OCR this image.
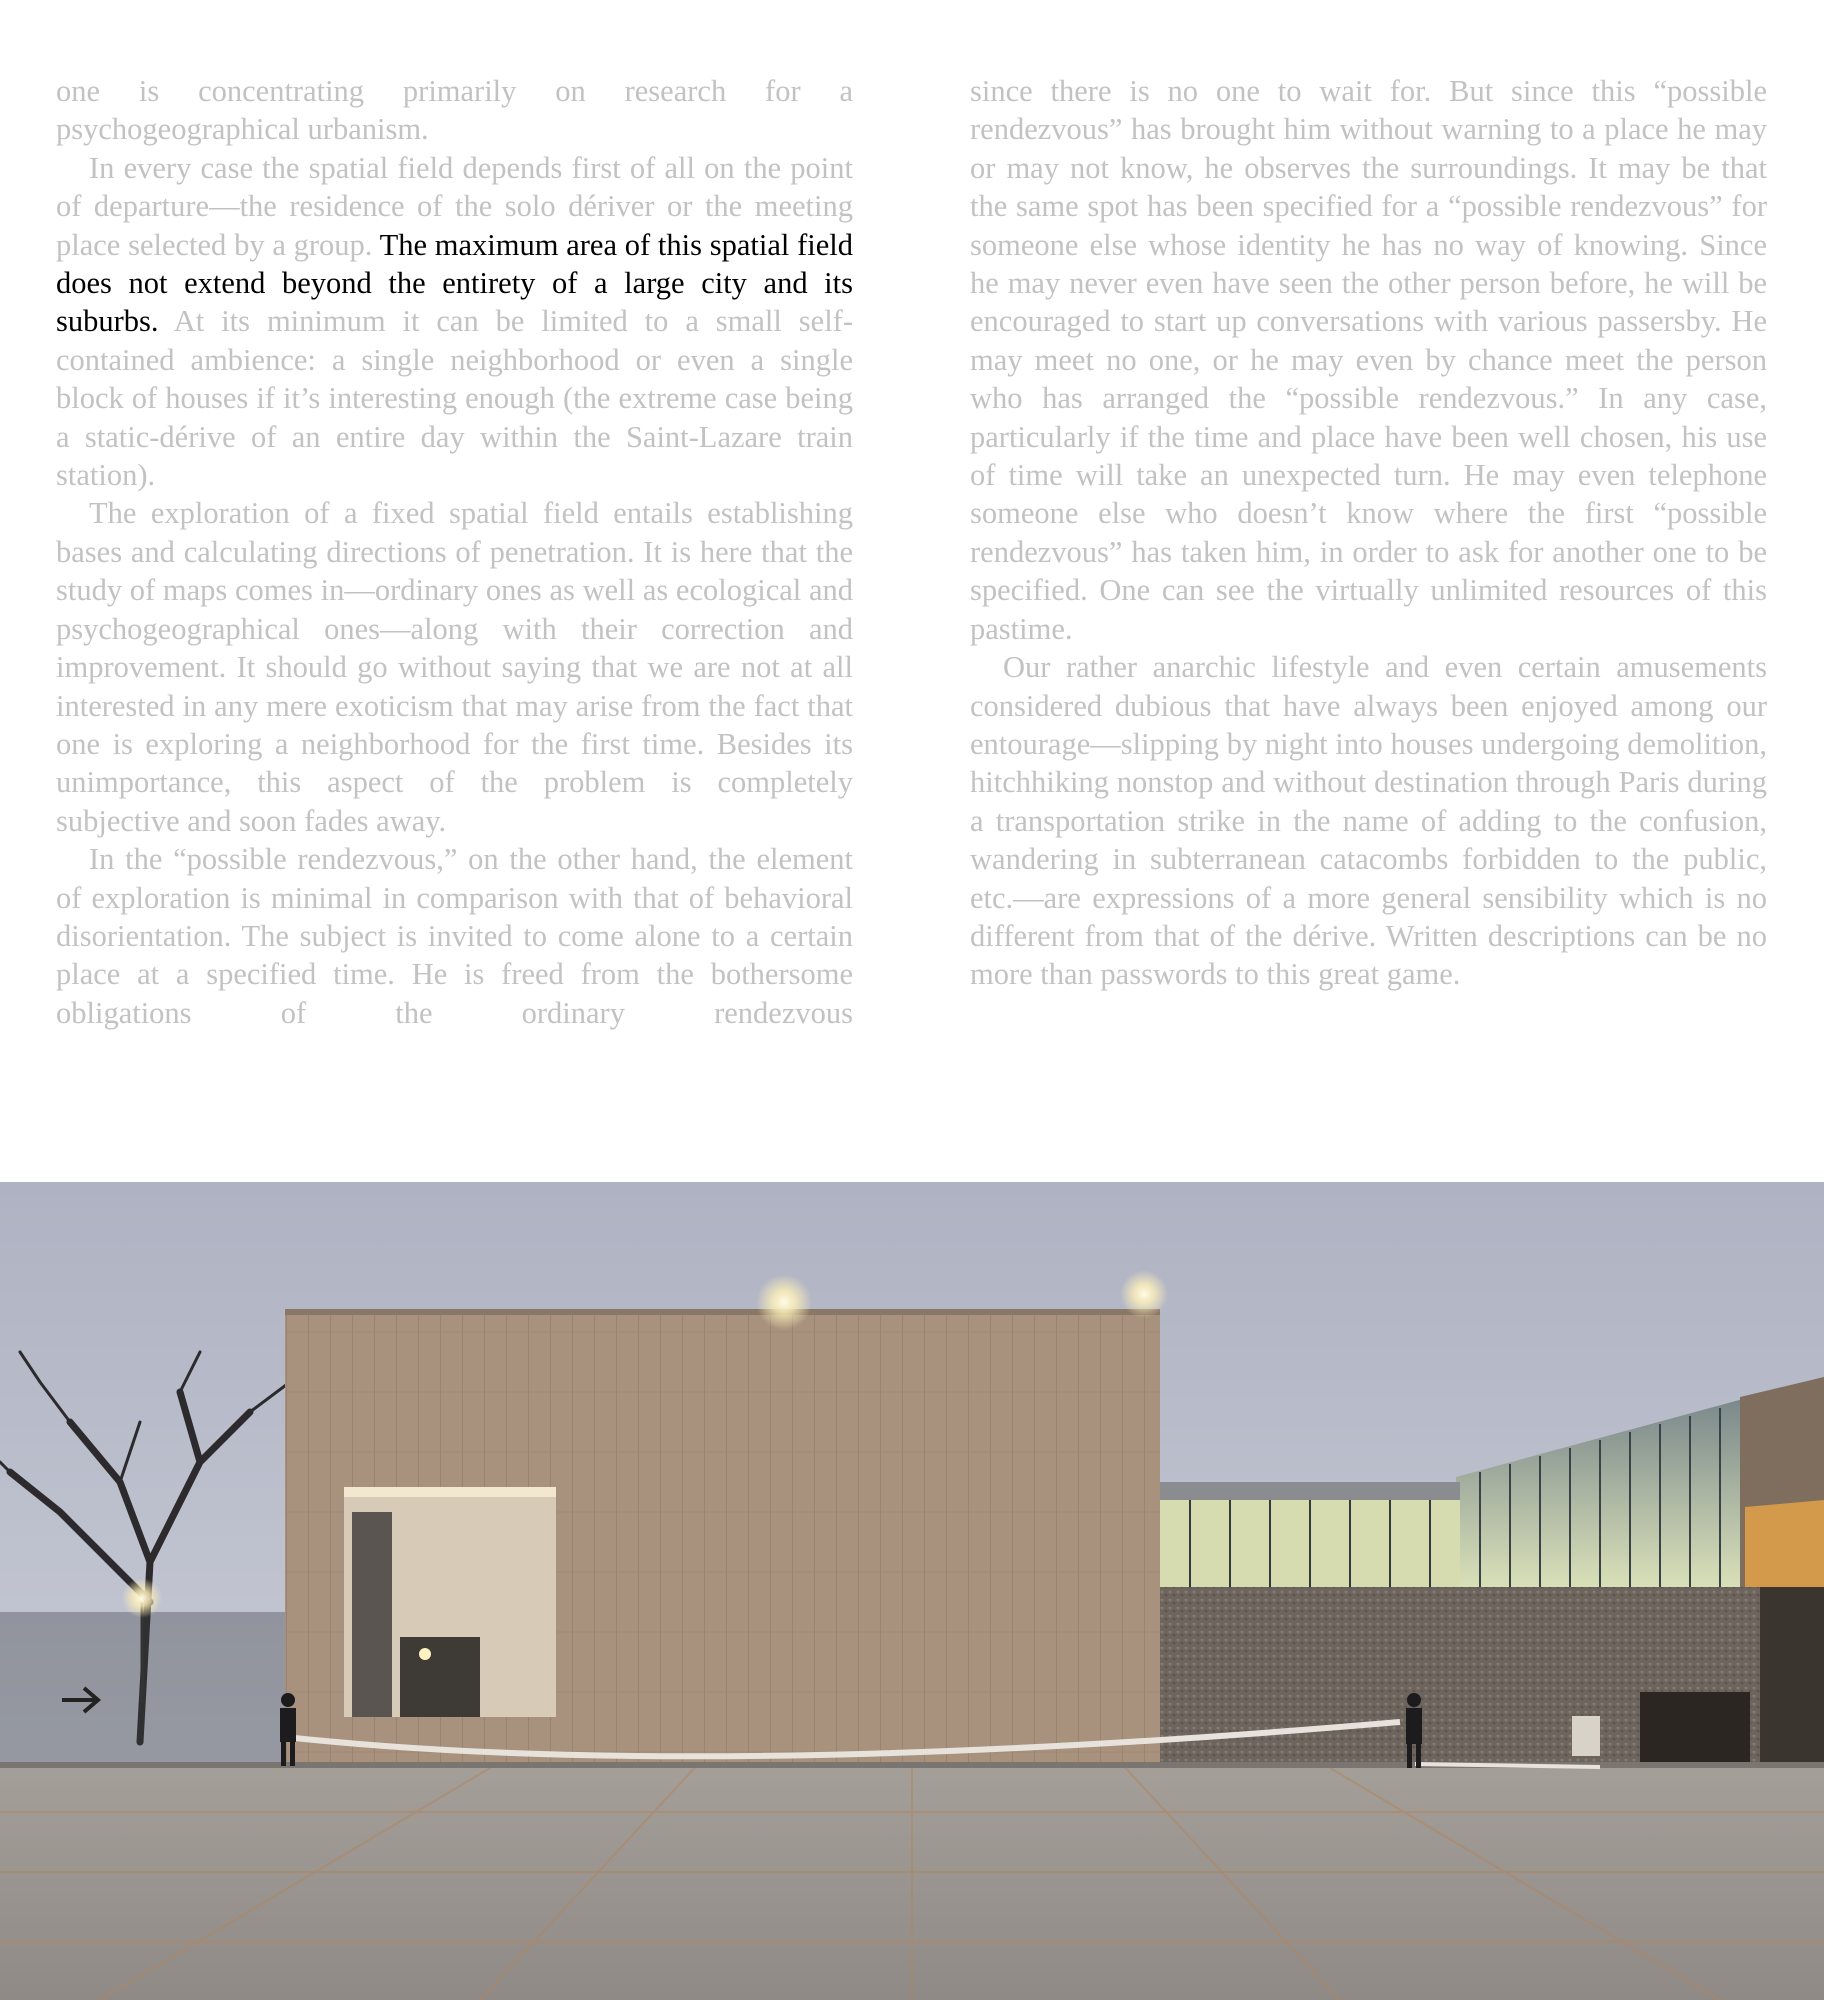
one is concentrating primarily on research for a psychogeographical urbanism.

In every case the spatial field depends first of all on the point of departure—the residence of the solo dériver or the meeting place selected by a group. The maximum area of this spatial field does not extend beyond the entirety of a large city and its suburbs. At its minimum it can be limited to a small self-contained ambience: a single neighborhood or even a single block of houses if it’s interesting enough (the extreme case being a static-dérive of an entire day within the Saint-Lazare train station).

The exploration of a fixed spatial field entails establishing bases and calculating directions of penetration. It is here that the study of maps comes in—ordinary ones as well as ecological and psychogeographical ones—along with their correction and improvement. It should go without saying that we are not at all interested in any mere exoticism that may arise from the fact that one is exploring a neighborhood for the first time. Besides its unimportance, this aspect of the problem is completely subjective and soon fades away.

In the “possible rendezvous,” on the other hand, the element of exploration is minimal in comparison with that of behavioral disorientation. The subject is invited to come alone to a certain place at a specified time. He is freed from the bothersome obligations of the ordinary rendezvous

since there is no one to wait for. But since this “possible rendezvous” has brought him without warning to a place he may or may not know, he observes the surroundings. It may be that the same spot has been specified for a “possible rendezvous” for someone else whose identity he has no way of knowing. Since he may never even have seen the other person before, he will be encouraged to start up conversations with various passersby. He may meet no one, or he may even by chance meet the person who has arranged the “possible rendezvous.” In any case, particularly if the time and place have been well chosen, his use of time will take an unexpected turn. He may even telephone someone else who doesn’t know where the first “possible rendezvous” has taken him, in order to ask for another one to be specified. One can see the virtually unlimited resources of this pastime.

Our rather anarchic lifestyle and even certain amusements considered dubious that have always been enjoyed among our entourage—slipping by night into houses undergoing demolition, hitchhiking nonstop and without destination through Paris during a transportation strike in the name of adding to the confusion, wandering in subterranean catacombs forbidden to the public, etc.—are expressions of a more general sensibility which is no different from that of the dérive. Written descriptions can be no more than passwords to this great game.
